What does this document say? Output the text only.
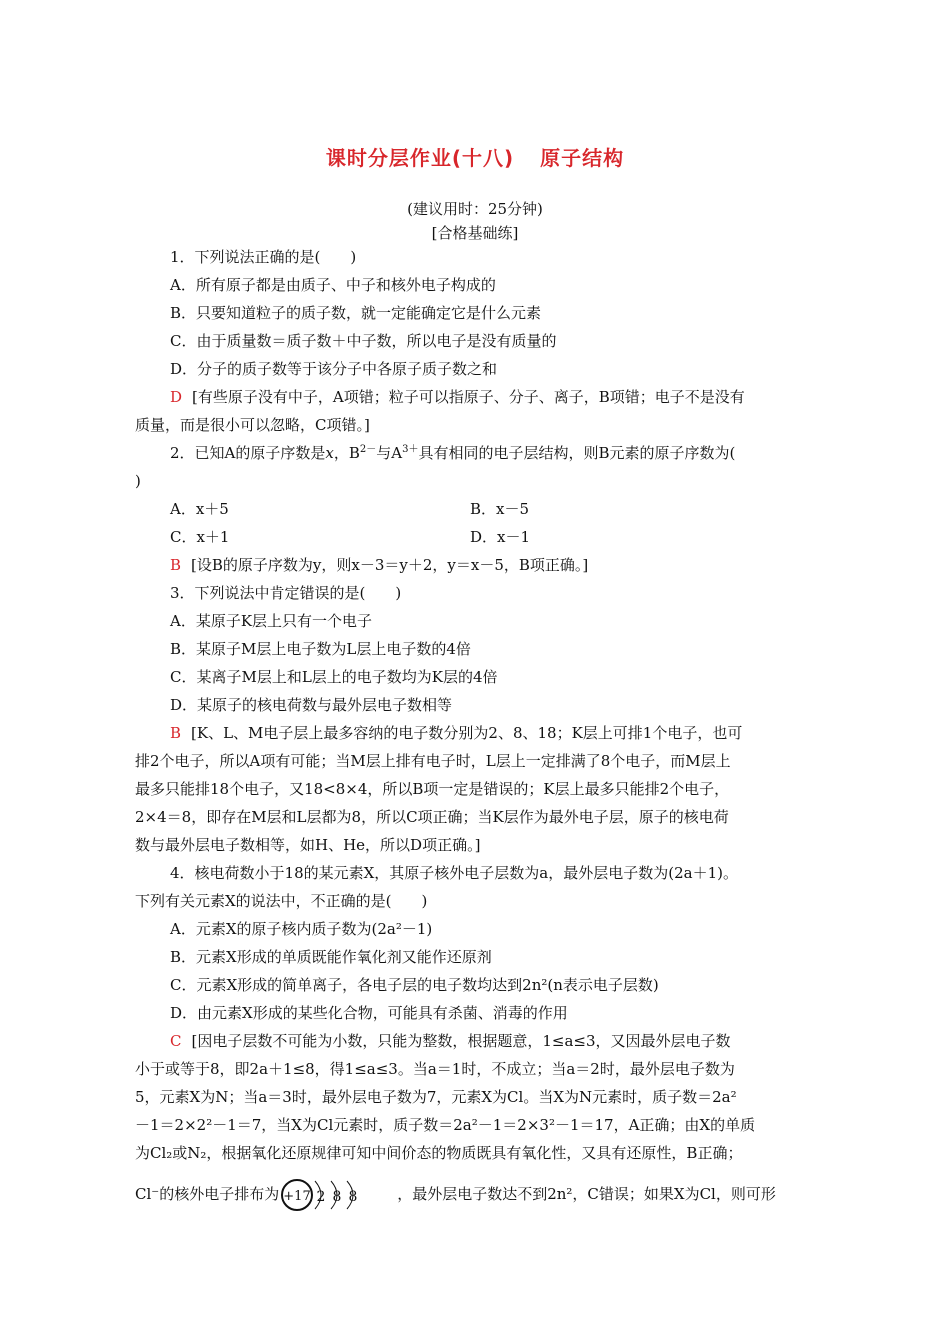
课时分层作业(十八) 原子结构
(建议用时：25分钟)
[合格基础练]
1．下列说法正确的是(　　)
A．所有原子都是由质子、中子和核外电子构成的
B．只要知道粒子的质子数，就一定能确定它是什么元素
C．由于质量数＝质子数＋中子数，所以电子是没有质量的
D．分子的质子数等于该分子中各原子质子数之和
D [有些原子没有中子，A项错；粒子可以指原子、分子、离子，B项错；电子不是没有
质量，而是很小可以忽略，C项错。]
2．已知A的原子序数是x，$B^{2-}$与$A^{3+}$具有相同的电子层结构，则B元素的原子序数为(
)
A．x＋5	B．x－5
C．x＋1	D．x－1
B [设B的原子序数为y，则x－3＝y＋2，y＝x－5，B项正确。]
3．下列说法中肯定错误的是(　　)
A．某原子K层上只有一个电子
B．某原子M层上电子数为L层上电子数的4倍
C．某离子M层上和L层上的电子数均为K层的4倍
D．某原子的核电荷数与最外层电子数相等
B [K、L、M电子层上最多容纳的电子数分别为2、8、18；K层上可排1个电子，也可
排2个电子，所以A项有可能；当M层上排有电子时，L层上一定排满了8个电子，而M层上
最多只能排18个电子，又18<8×4，所以B项一定是错误的；K层上最多只能排2个电子，
2×4＝8，即存在M层和L层都为8，所以C项正确；当K层作为最外电子层，原子的核电荷
数与最外层电子数相等，如H、He，所以D项正确。]
4．核电荷数小于18的某元素X，其原子核外电子层数为a，最外层电子数为(2a＋1)。
下列有关元素X的说法中，不正确的是(　　)
A．元素X的原子核内质子数为(2a²－1)
B．元素X形成的单质既能作氧化剂又能作还原剂
C．元素X形成的简单离子，各电子层的电子数均达到2n²(n表示电子层数)
D．由元素X形成的某些化合物，可能具有杀菌、消毒的作用
C [因电子层数不可能为小数，只能为整数，根据题意，1≤a≤3，又因最外层电子数
小于或等于8，即2a＋1≤8，得1≤a≤3。当a＝1时，不成立；当a＝2时，最外层电子数为
5，元素X为N；当a＝3时，最外层电子数为7，元素X为Cl。当X为N元素时，质子数＝2a²
－1＝2×2²－1＝7，当X为Cl元素时，质子数＝2a²－1＝2×3²－1＝17，A正确；由X的单质
为Cl₂或N₂，根据氧化还原规律可知中间价态的物质既具有氧化性，又具有还原性，B正确；
Cl⁻的核外电子排布为 +17 2 8 8	，最外层电子数达不到2n²，C错误；如果X为Cl，则可形
